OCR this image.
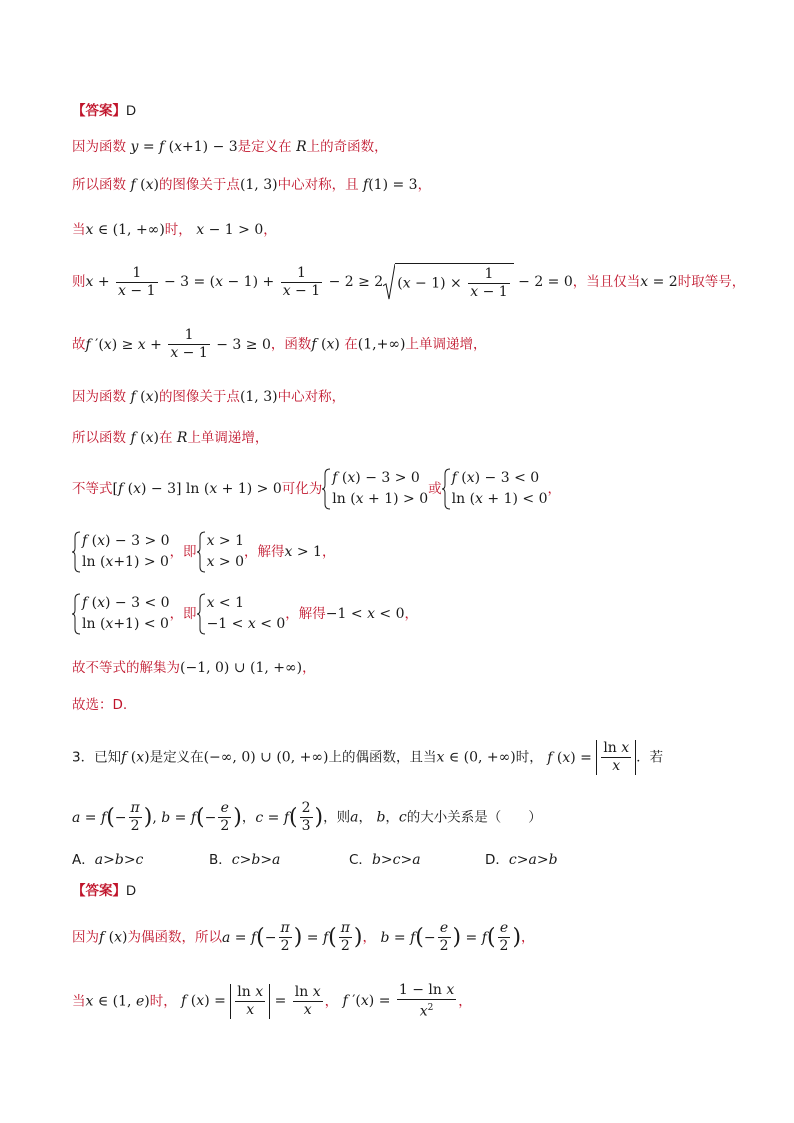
【答案】D
因为函数 y = f (x+1) − 3是定义在 R上的奇函数，
所以函数 f (x)的图像关于点(1, 3)中心对称，且 f(1) = 3，
当x ∈ (1, +∞)时， x − 1 > 0，
则$x + \frac{1}{x - 1} - 3 = (x - 1) + \frac{1}{x - 1} - 2 \ge 2$ $(x - 1) \times \frac{1}{x - 1} - 2 = 0$，当且仅当x = 2时取等号，
故f $'(x) \ge x + \frac{1}{x - 1} - 3 \ge 0$，函数f (x) 在(1,+∞)上单调递增，
因为函数 f (x)的图像关于点(1, 3)中心对称，
所以函数 f (x)在 R上单调递增，
不等式[f (x) − 3] ln (x + 1) > 0可化为
f (x) − 3 > 0
ln (x + 1) > 0
或
f (x) − 3 < 0
ln (x + 1) < 0
，
f (x) − 3 > 0
ln (x+1) > 0
，即
x > 1
x > 0
，解得x > 1，
f (x) − 3 < 0
ln (x+1) < 0
，即
x < 1
−1 < x < 0
，解得−1 < x < 0，
故不等式的解集为(−1, 0) ∪ (1, +∞)，
故选：D.
3．已知f (x)是定义在(−∞, 0) ∪ (0, +∞)上的偶函数，且当x ∈ (0, +∞)时， f $(x) = \frac{\text{ln x}}{x}$ ．若
$a = f(- \frac{\pi}{2}$ ), $b = f(- \frac{e}{2}$ )，$c = f( \frac{2}{3}$ )，则a， b，c的大小关系是（　　）
A．a>b>c	B．c>b>a	C．b>c>a	D．c>a>b
【答案】D
因为f (x)为偶函数，所以$a = f(- \frac{\pi}{2}$ ) = $f( \frac{\pi}{2}$ )， $b = f(- \frac{e}{2}$ ) = $f( \frac{e}{2}$ )，
当x ∈ (1, e)时， f $(x) = \frac{\text{ln x}}{x} = \frac{\text{ln x}}{x}$ ， f $'(x) = \frac{\text{1 − ln x}}{x^2}$ ，
